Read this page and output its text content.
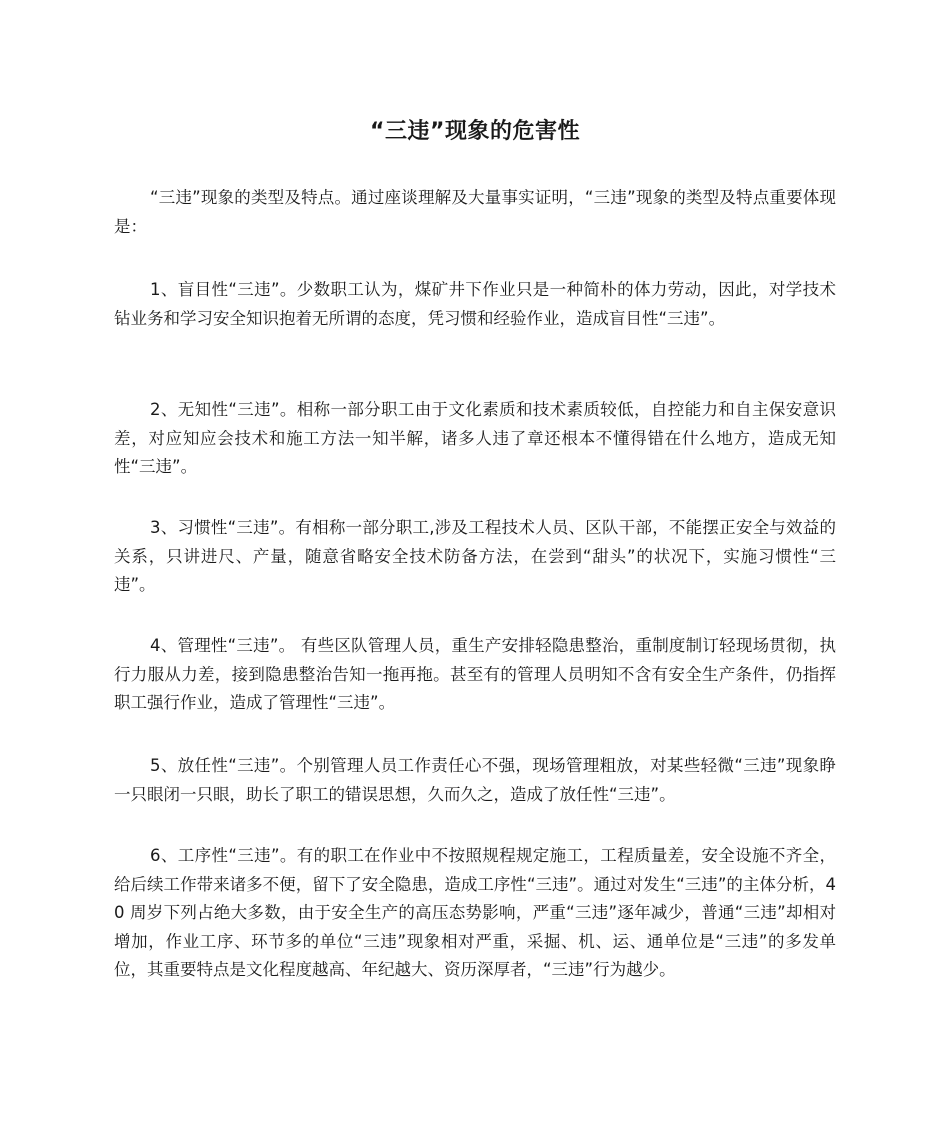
“三违”现象的危害性

“三违”现象的类型及特点。通过座谈理解及大量事实证明，“三违”现象的类型及特点重要体现是：

1、盲目性“三违”。少数职工认为，煤矿井下作业只是一种简朴的体力劳动，因此，对学技术钻业务和学习安全知识抱着无所谓的态度，凭习惯和经验作业，造成盲目性“三违”。

2、无知性“三违”。相称一部分职工由于文化素质和技术素质较低，自控能力和自主保安意识差，对应知应会技术和施工方法一知半解，诸多人违了章还根本不懂得错在什么地方，造成无知性“三违”。

3、习惯性“三违”。有相称一部分职工,涉及工程技术人员、区队干部，不能摆正安全与效益的关系，只讲进尺、产量，随意省略安全技术防备方法，在尝到“甜头”的状况下，实施习惯性“三违”。

4、管理性“三违”。 有些区队管理人员，重生产安排轻隐患整治，重制度制订轻现场贯彻，执行力服从力差，接到隐患整治告知一拖再拖。甚至有的管理人员明知不含有安全生产条件，仍指挥职工强行作业，造成了管理性“三违”。

5、放任性“三违”。个别管理人员工作责任心不强，现场管理粗放，对某些轻微“三违”现象睁一只眼闭一只眼，助长了职工的错误思想，久而久之，造成了放任性“三违”。

6、工序性“三违”。有的职工在作业中不按照规程规定施工，工程质量差，安全设施不齐全，给后续工作带来诸多不便，留下了安全隐患，造成工序性“三违”。通过对发生“三违”的主体分析，40 周岁下列占绝大多数，由于安全生产的高压态势影响，严重“三违”逐年减少，普通“三违”却相对增加，作业工序、环节多的单位“三违”现象相对严重，采掘、机、运、通单位是“三违”的多发单位，其重要特点是文化程度越高、年纪越大、资历深厚者，“三违”行为越少。
